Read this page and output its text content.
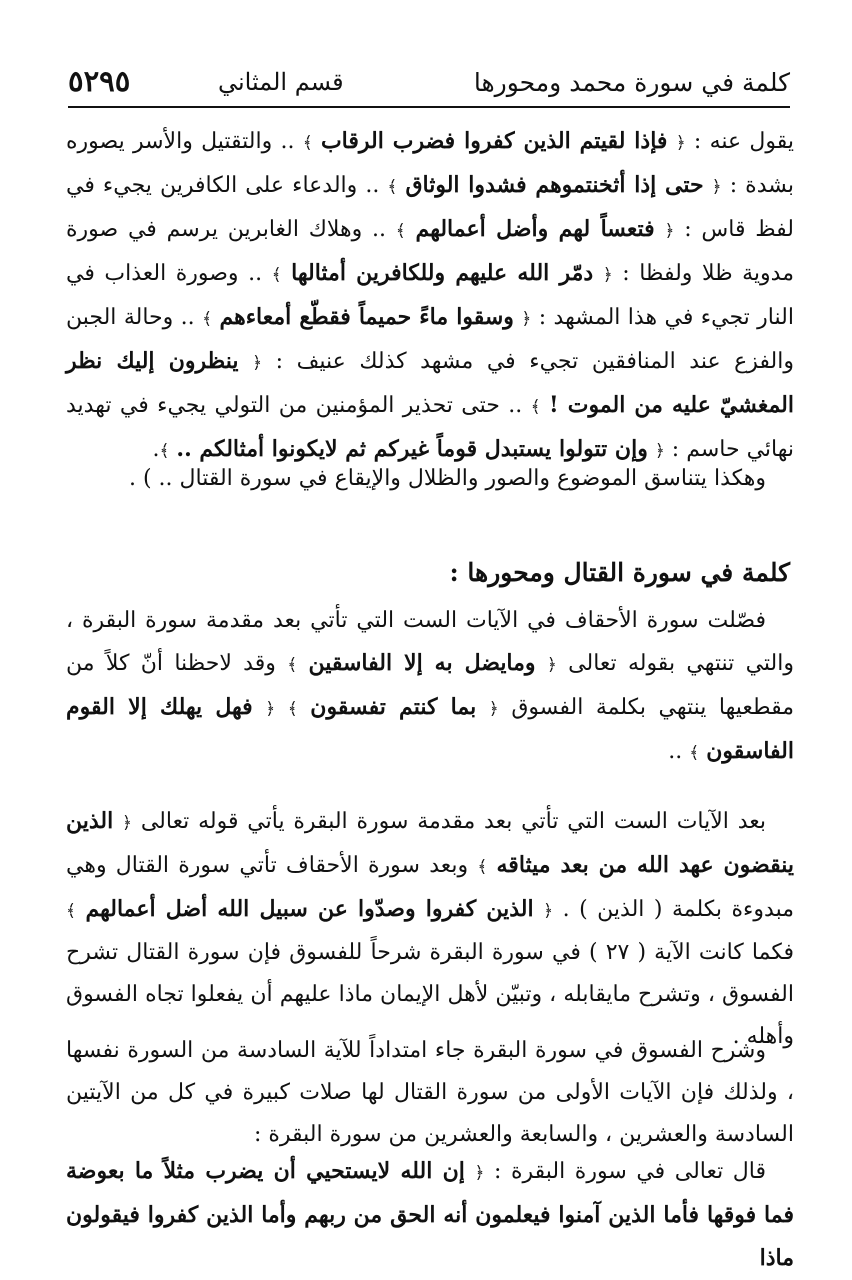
كلمة في سورة محمد ومحورها
قسم المثاني
٥٢٩٥

يقول عنه : ﴿ فإذا لقيتم الذين كفروا فضرب الرقاب ﴾ .. والتقتيل والأسر يصوره بشدة : ﴿ حتى إذا أثخنتموهم فشدوا الوثاق ﴾ .. والدعاء على الكافرين يجيء في لفظ قاس : ﴿ فتعساً لهم وأضل أعمالهم ﴾ .. وهلاك الغابرين يرسم في صورة مدوية ظلا ولفظا : ﴿ دمّر الله عليهم وللكافرين أمثالها ﴾ .. وصورة العذاب في النار تجيء في هذا المشهد : ﴿ وسقوا ماءً حميماً فقطّع أمعاءهم ﴾ .. وحالة الجبن والفزع عند المنافقين تجيء في مشهد كذلك عنيف : ﴿ ينظرون إليك نظر المغشيّ عليه من الموت ! ﴾ .. حتى تحذير المؤمنين من التولي يجيء في تهديد نهائي حاسم : ﴿ وإن تتولوا يستبدل قوماً غيركم ثم لايكونوا أمثالكم .. ﴾.

وهكذا يتناسق الموضوع والصور والظلال والإيقاع في سورة القتال .. ) .

كلمة في سورة القتال ومحورها :

فصّلت سورة الأحقاف في الآيات الست التي تأتي بعد مقدمة سورة البقرة ، والتي تنتهي بقوله تعالى ﴿ ومايضل به إلا الفاسقين ﴾ وقد لاحظنا أنّ كلاً من مقطعيها ينتهي بكلمة الفسوق ﴿ بما كنتم تفسقون ﴾ ﴿ فهل يهلك إلا القوم الفاسقون ﴾ ..

بعد الآيات الست التي تأتي بعد مقدمة سورة البقرة يأتي قوله تعالى ﴿ الذين ينقضون عهد الله من بعد ميثاقه ﴾ وبعد سورة الأحقاف تأتي سورة القتال وهي مبدوءة بكلمة ( الذين ) . ﴿ الذين كفروا وصدّوا عن سبيل الله أضل أعمالهم ﴾ فكما كانت الآية ( ٢٧ ) في سورة البقرة شرحاً للفسوق فإن سورة القتال تشرح الفسوق ، وتشرح مايقابله ، وتبيّن لأهل الإيمان ماذا عليهم أن يفعلوا تجاه الفسوق وأهله .

وشرح الفسوق في سورة البقرة جاء امتداداً للآية السادسة من السورة نفسها ، ولذلك فإن الآيات الأولى من سورة القتال لها صلات كبيرة في كل من الآيتين السادسة والعشرين ، والسابعة والعشرين من سورة البقرة :

قال تعالى في سورة البقرة : ﴿ إن الله لايستحيي أن يضرب مثلاً ما بعوضة فما فوقها فأما الذين آمنوا فيعلمون أنه الحق من ربهم وأما الذين كفروا فيقولون ماذا
